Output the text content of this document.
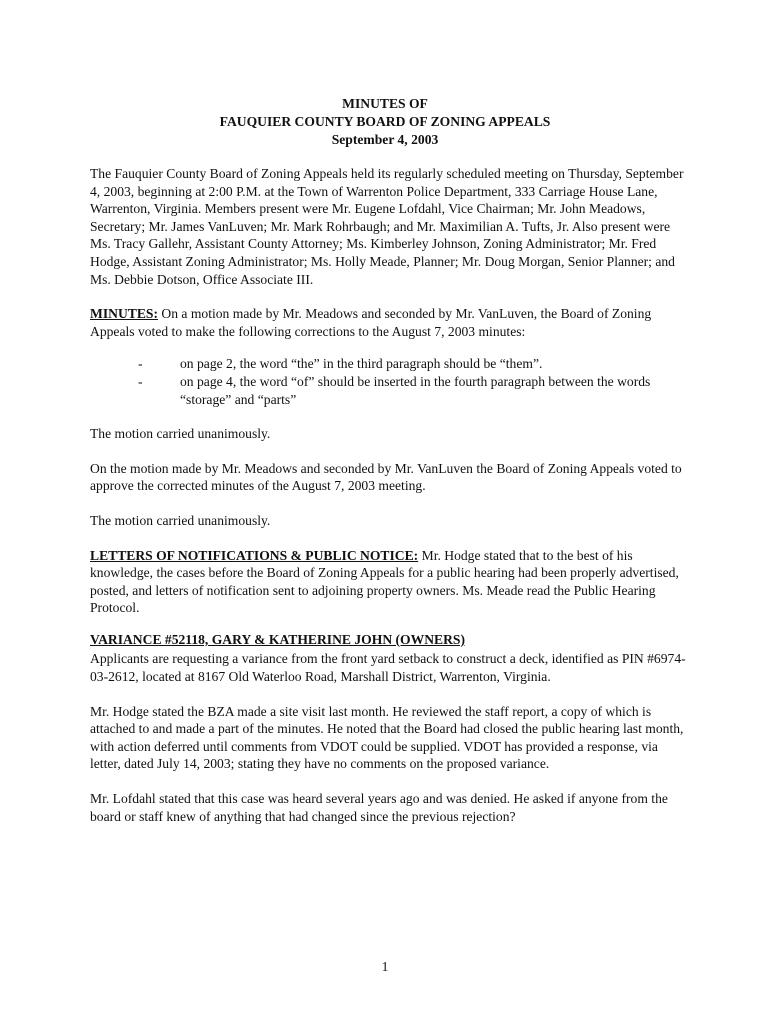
MINUTES OF
FAUQUIER COUNTY BOARD OF ZONING APPEALS
September 4, 2003

The Fauquier County Board of Zoning Appeals held its regularly scheduled meeting on Thursday, September 4, 2003, beginning at 2:00 P.M. at the Town of Warrenton Police Department, 333 Carriage House Lane, Warrenton, Virginia. Members present were Mr. Eugene Lofdahl, Vice Chairman; Mr. John Meadows, Secretary; Mr. James VanLuven; Mr. Mark Rohrbaugh; and Mr. Maximilian A. Tufts, Jr. Also present were Ms. Tracy Gallehr, Assistant County Attorney; Ms. Kimberley Johnson, Zoning Administrator; Mr. Fred Hodge, Assistant Zoning Administrator; Ms. Holly Meade, Planner; Mr. Doug Morgan, Senior Planner; and Ms. Debbie Dotson, Office Associate III.

MINUTES: On a motion made by Mr. Meadows and seconded by Mr. VanLuven, the Board of Zoning Appeals voted to make the following corrections to the August 7, 2003 minutes:

-	on page 2, the word “the” in the third paragraph should be “them”.
-	on page 4, the word “of” should be inserted in the fourth paragraph between the words “storage” and “parts”

The motion carried unanimously.

On the motion made by Mr. Meadows and seconded by Mr. VanLuven the Board of Zoning Appeals voted to approve the corrected minutes of the August 7, 2003 meeting.

The motion carried unanimously.

LETTERS OF NOTIFICATIONS & PUBLIC NOTICE: Mr. Hodge stated that to the best of his knowledge, the cases before the Board of Zoning Appeals for a public hearing had been properly advertised, posted, and letters of notification sent to adjoining property owners. Ms. Meade read the Public Hearing Protocol.

VARIANCE #52118, GARY & KATHERINE JOHN (OWNERS)

Applicants are requesting a variance from the front yard setback to construct a deck, identified as PIN #6974-03-2612, located at 8167 Old Waterloo Road, Marshall District, Warrenton, Virginia.

Mr. Hodge stated the BZA made a site visit last month. He reviewed the staff report, a copy of which is attached to and made a part of the minutes. He noted that the Board had closed the public hearing last month, with action deferred until comments from VDOT could be supplied. VDOT has provided a response, via letter, dated July 14, 2003; stating they have no comments on the proposed variance.

Mr. Lofdahl stated that this case was heard several years ago and was denied. He asked if anyone from the board or staff knew of anything that had changed since the previous rejection?

1
